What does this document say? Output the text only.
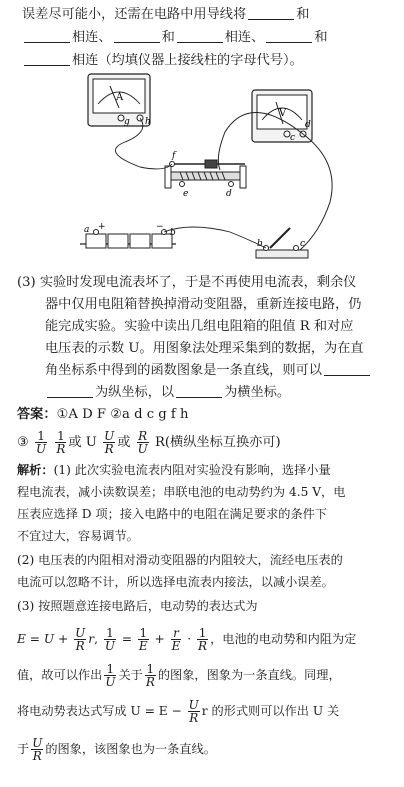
误差尽可能小，还需在电路中用导线将	和
相连、	和	相连、	和
相连（均填仪器上接线柱的字母代号）。
A
g h
V
c
d
f
e	d
a +	−
b
b	c
(3) 实验时发现电流表坏了，于是不再使用电流表，剩余仪
器中仅用电阻箱替换掉滑动变阻器，重新连接电路，仍
能完成实验。实验中读出几组电阻箱的阻值 R 和对应
电压表的示数 U。用图象法处理采集到的数据，为在直
角坐标系中得到的函数图象是一条直线，则可以
为纵坐标，以	为横坐标。
答案：①A D F ②a d c g f h
③ $\frac{1}{U}$
$\frac{1}{R}$ 或 U $\frac{U}{R}$ 或 $\frac{R}{U} R$(横纵坐标互换亦可)
解析：(1) 此次实验电流表内阻对实验没有影响，选择小量
程电流表，减小读数误差；串联电池的电动势约为 4.5 V，电
压表应选择 D 项；接入电路中的电阻在满足要求的条件下
不宜过大，容易调节。
(2) 电压表的内阻相对滑动变阻器的内阻较大，流经电压表的
电流可以忽略不计，所以选择电流表内接法，以减小误差。
(3) 按照题意连接电路后，电动势的表达式为
$E = U + \frac{U}{R} r$, $\frac{1}{U} = \frac{1}{E} + \frac{r}{E} \cdot \frac{1}{R}$ ，电池的电动势和内阻为定
值，故可以作出 $\frac{1}{U}$ 关于 $\frac{1}{R}$ 的图象，图象为一条直线。同理，
将电动势表达式写成 $U = E - \frac{U}{R}$ r 的形式则可以作出 U 关
于 $\frac{U}{R}$ 的图象，该图象也为一条直线。
